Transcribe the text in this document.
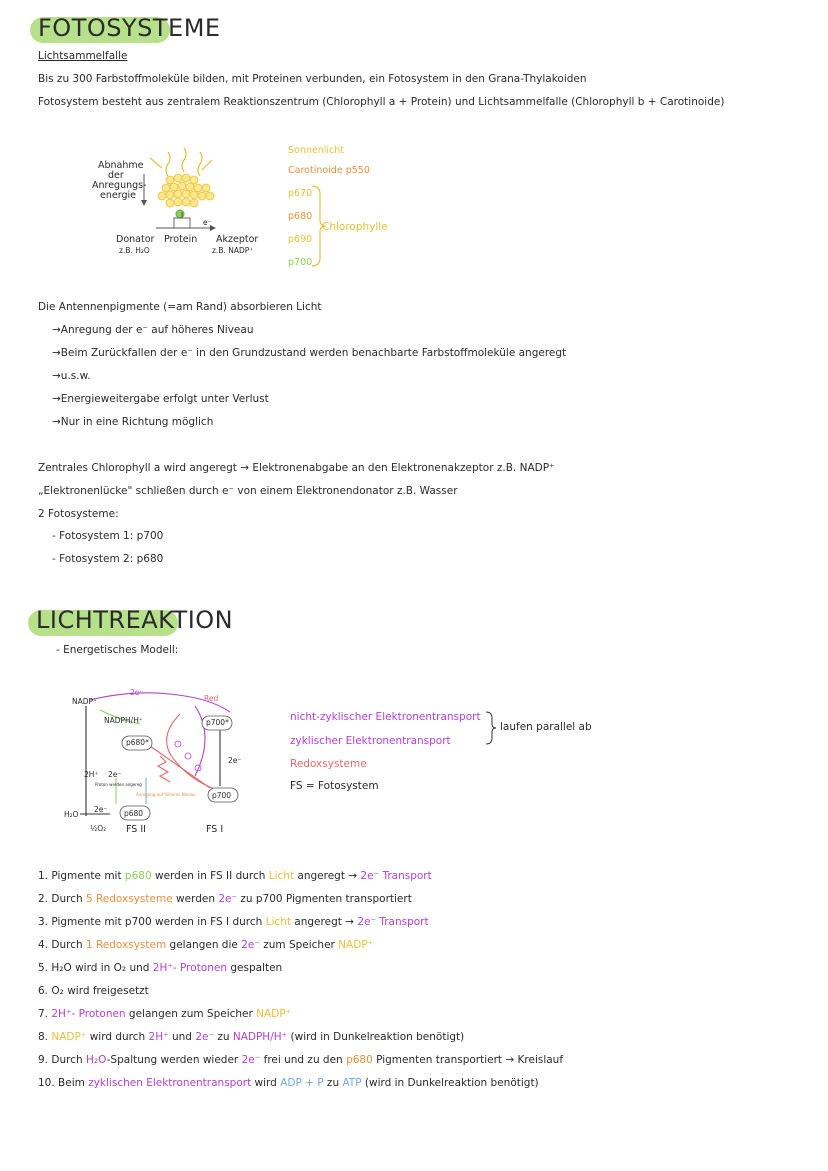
FOTOSYSTEME
Lichtsammelfalle
Bis zu 300 Farbstoffmoleküle bilden, mit Proteinen verbunden, ein Fotosystem in den Grana-Thylakoiden
Fotosystem besteht aus zentralem Reaktionszentrum (Chlorophyll a + Protein) und Lichtsammelfalle (Chlorophyll b + Carotinoide)
Abnahme
der
Anregungs-
energie
e⁻
Donator
z.B. H₂O
Protein Akzeptor
z.B. NADP⁺
Sonnenlicht
Carotinoide p550
p670
p680
p690
p700
Chlorophylle
Die Antennenpigmente (=am Rand) absorbieren Licht
→Anregung der e⁻ auf höheres Niveau
→Beim Zurückfallen der e⁻ in den Grundzustand werden benachbarte Farbstoffmoleküle angeregt
→u.s.w.
→Energieweitergabe erfolgt unter Verlust
→Nur in eine Richtung möglich
Zentrales Chlorophyll a wird angeregt → Elektronenabgabe an den Elektronenakzeptor z.B. NADP⁺
„Elektronenlücke" schließen durch e⁻ von einem Elektronendonator z.B. Wasser
2 Fotosysteme:
- Fotosystem 1: p700
- Fotosystem 2: p680
LICHTREAKTION
- Energetisches Modell:
NADP⁺
2e⁻
NADPH/H⁺
Red
p700*
p680*
2e⁻
2H⁺ 2e⁻
Proton werden angereg
Anregung auf höheres Niveau p700
p680
H₂O
2e⁻
½O₂ FS II	FS I
nicht-zyklischer Elektronentransport
zyklischer Elektronentransport
laufen parallel ab
Redoxsysteme
FS = Fotosystem
1. Pigmente mit p680 werden in FS II durch Licht angeregt → 2e⁻ Transport
2. Durch 5 Redoxsysteme werden 2e⁻ zu p700 Pigmenten transportiert
3. Pigmente mit p700 werden in FS I durch Licht angeregt → 2e⁻ Transport
4. Durch 1 Redoxsystem gelangen die 2e⁻ zum Speicher NADP⁺
5. H₂O wird in O₂ und 2H⁺- Protonen gespalten
6. O₂ wird freigesetzt
7. 2H⁺- Protonen gelangen zum Speicher NADP⁺
8. NADP⁺ wird durch 2H⁺ und 2e⁻ zu NADPH/H⁺ (wird in Dunkelreaktion benötigt)
9. Durch H₂O-Spaltung werden wieder 2e⁻ frei und zu den p680 Pigmenten transportiert → Kreislauf
10. Beim zyklischen Elektronentransport wird ADP + P zu ATP (wird in Dunkelreaktion benötigt)
